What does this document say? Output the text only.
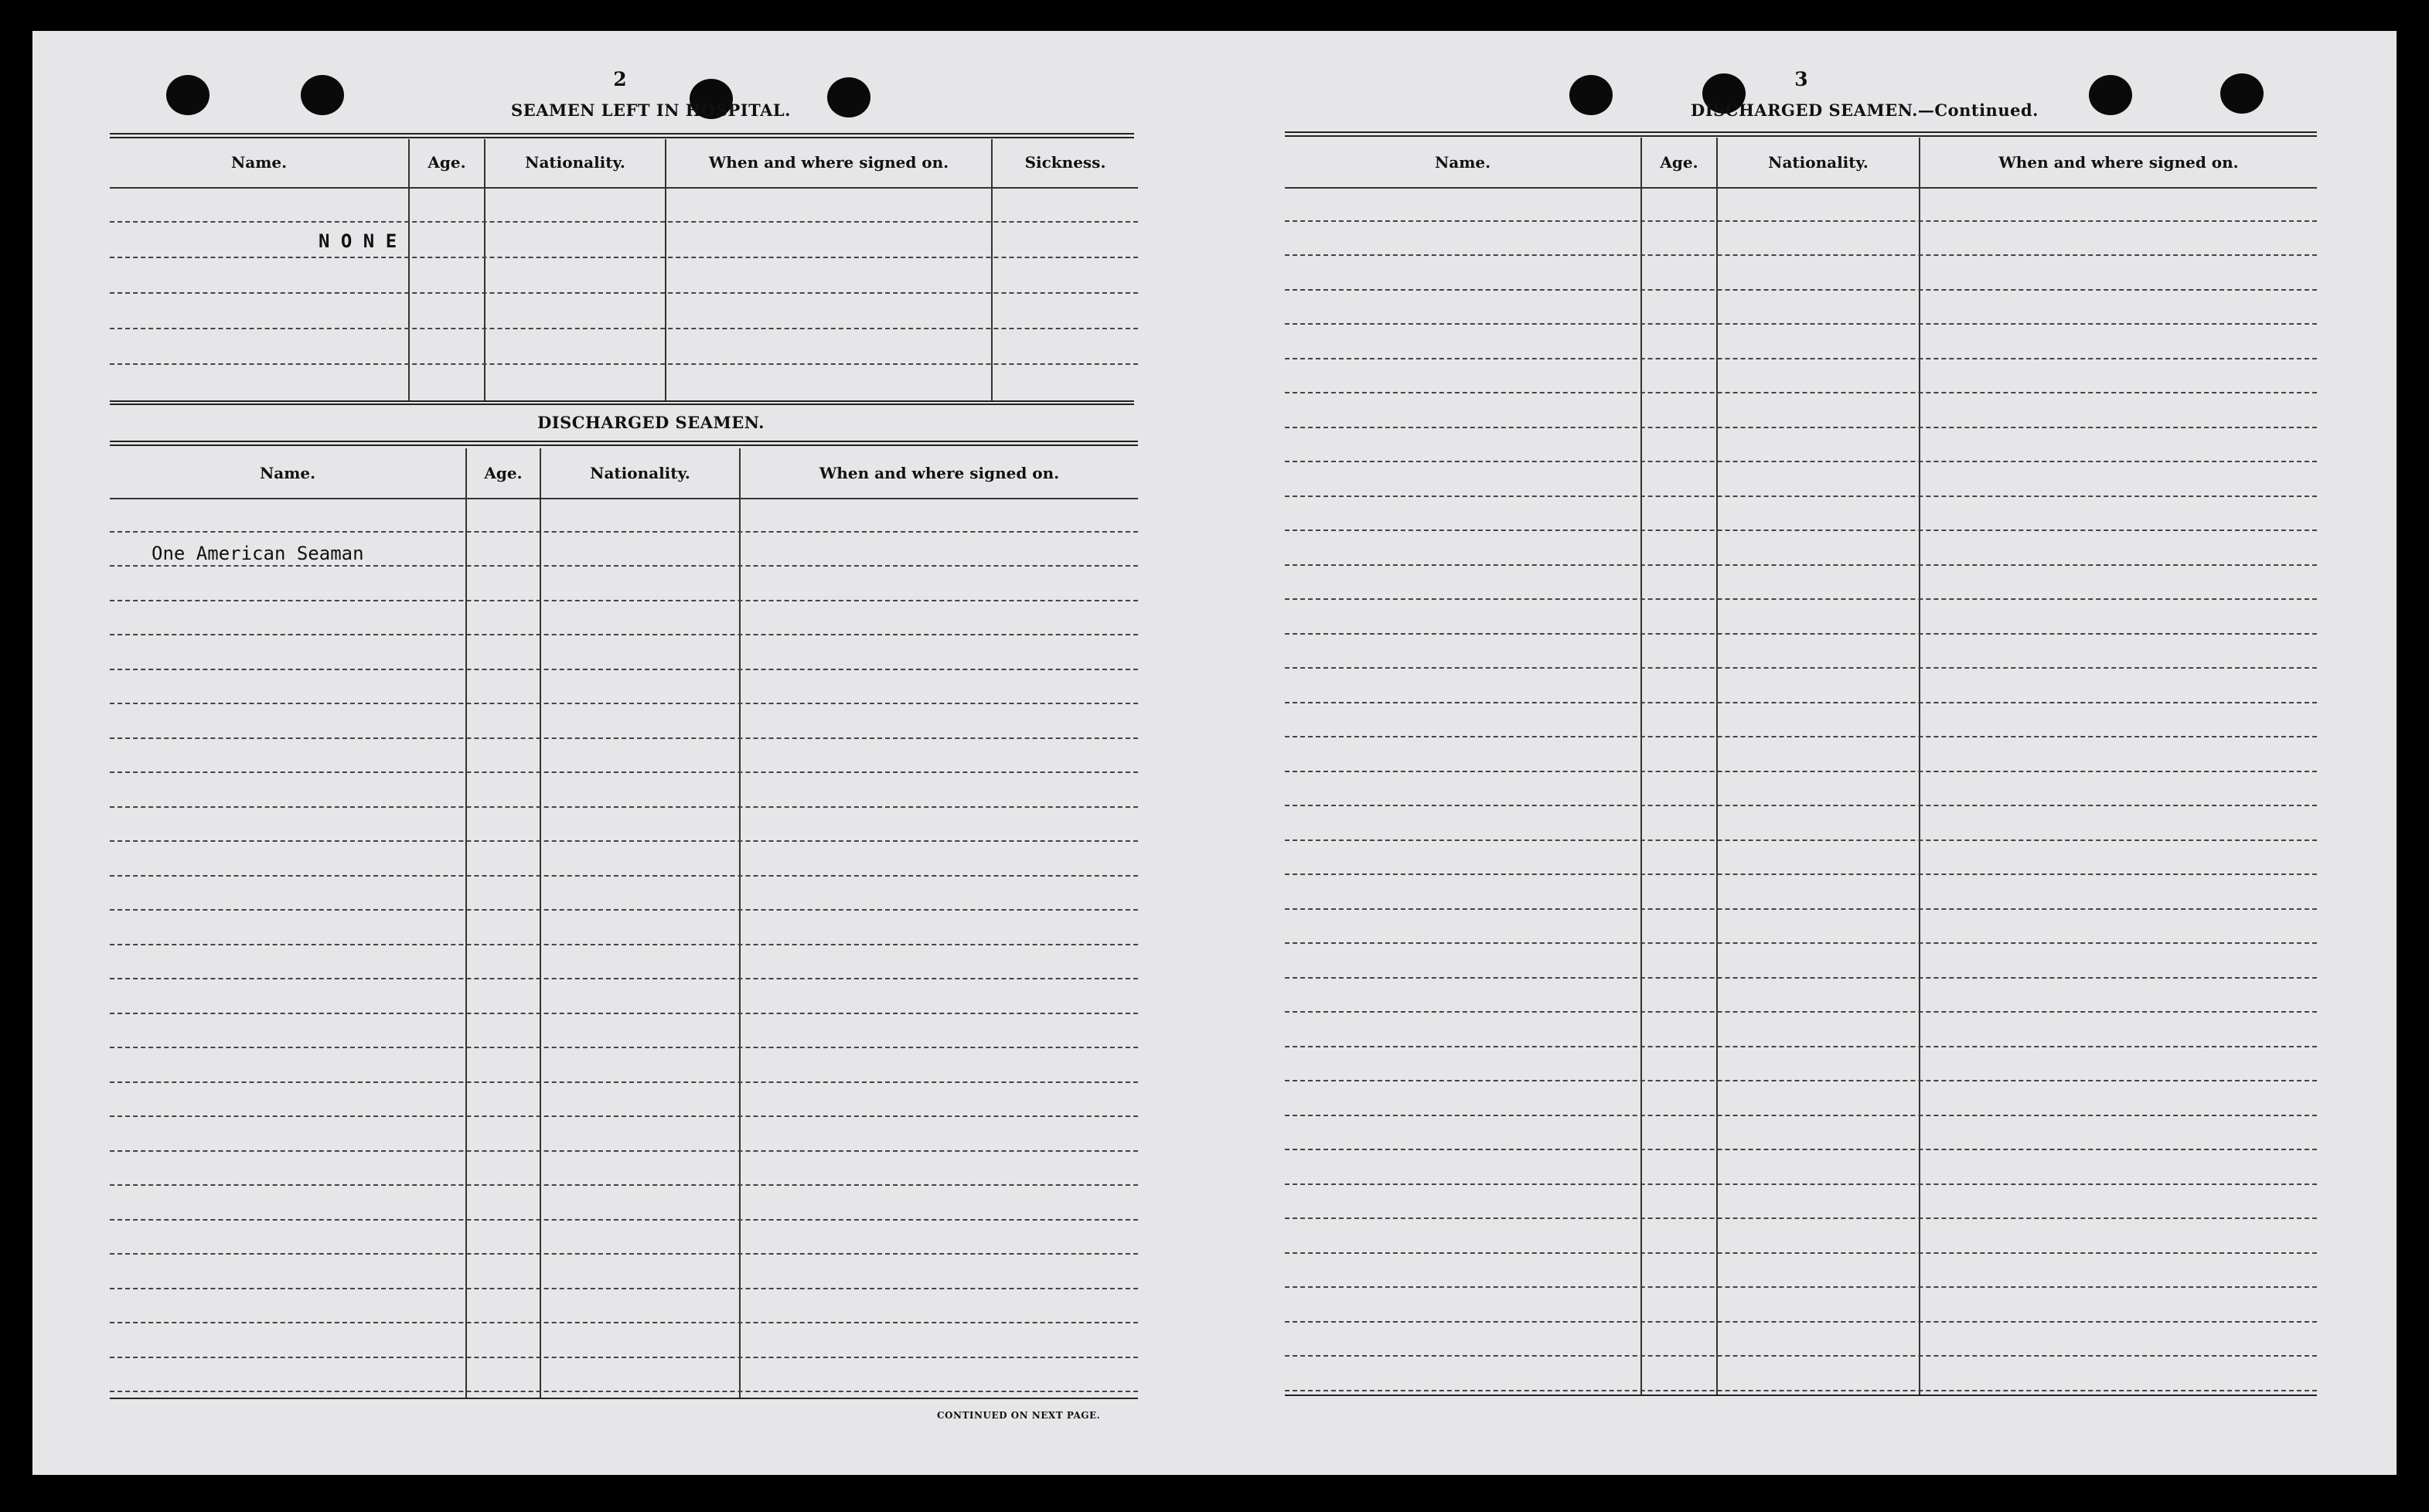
2
SEAMEN LEFT IN HOSPITAL.
Name.	Age.	Nationality.	When and where signed on.	Sickness.
N O N E
DISCHARGED SEAMEN.
Name.	Age.	Nationality.	When and where signed on.
One American Seaman
CONTINUED ON NEXT PAGE.
3
DISCHARGED SEAMEN.—Continued.
Name.	Age.	Nationality.	When and where signed on.
